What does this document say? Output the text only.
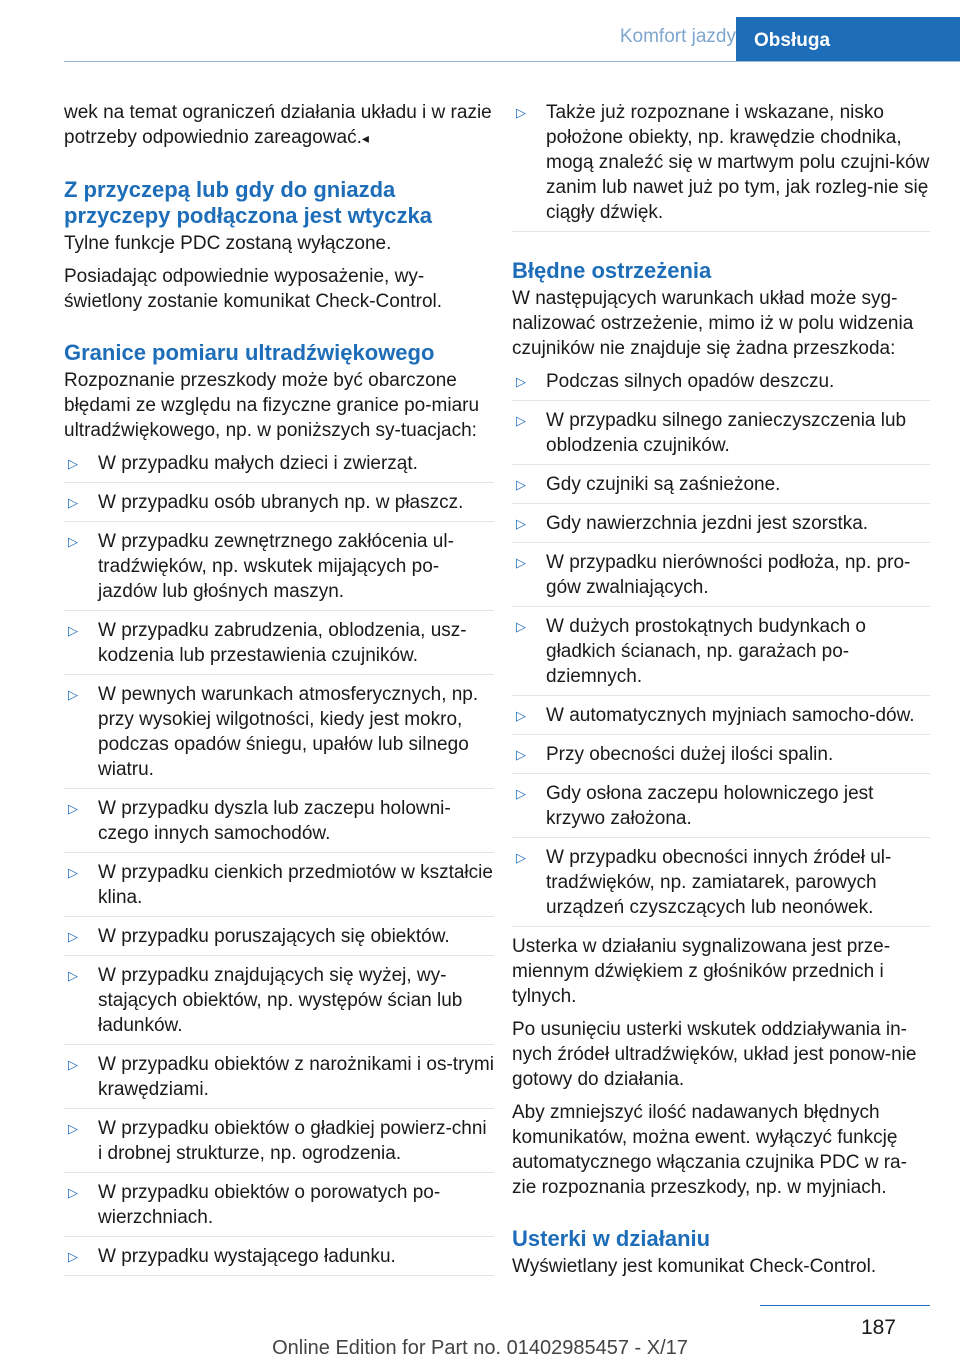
Komfort jazdy Obsługa

wek na temat ograniczeń działania układu i w razie potrzeby odpowiednio zareagować.◂

Z przyczepą lub gdy do gniazda przyczepy podłączona jest wtyczka

Tylne funkcje PDC zostaną wyłączone.

Posiadając odpowiednie wyposażenie, wy-świetlony zostanie komunikat Check-Control.

Granice pomiaru ultradźwiękowego

Rozpoznanie przeszkody może być obarczone błędami ze względu na fizyczne granice po-miaru ultradźwiękowego, np. w poniższych sy-tuacjach:

▷ W przypadku małych dzieci i zwierząt.
▷ W przypadku osób ubranych np. w płaszcz.
▷ W przypadku zewnętrznego zakłócenia ul-tradźwięków, np. wskutek mijających po-jazdów lub głośnych maszyn.
▷ W przypadku zabrudzenia, oblodzenia, usz-kodzenia lub przestawienia czujników.
▷ W pewnych warunkach atmosferycznych, np. przy wysokiej wilgotności, kiedy jest mokro, podczas opadów śniegu, upałów lub silnego wiatru.
▷ W przypadku dyszla lub zaczepu holowni-czego innych samochodów.
▷ W przypadku cienkich przedmiotów w kształcie klina.
▷ W przypadku poruszających się obiektów.
▷ W przypadku znajdujących się wyżej, wy-stających obiektów, np. występów ścian lub ładunków.
▷ W przypadku obiektów z narożnikami i os-trymi krawędziami.
▷ W przypadku obiektów o gładkiej powierz-chni i drobnej strukturze, np. ogrodzenia.
▷ W przypadku obiektów o porowatych po-wierzchniach.
▷ W przypadku wystającego ładunku.
▷ Także już rozpoznane i wskazane, nisko położone obiekty, np. krawędzie chodnika, mogą znaleźć się w martwym polu czujni-ków zanim lub nawet już po tym, jak rozleg-nie się ciągły dźwięk.
Błędne ostrzeżenia

W następujących warunkach układ może syg-nalizować ostrzeżenie, mimo iż w polu widzenia czujników nie znajduje się żadna przeszkoda:

▷ Podczas silnych opadów deszczu.
▷ W przypadku silnego zanieczyszczenia lub oblodzenia czujników.
▷ Gdy czujniki są zaśnieżone.
▷ Gdy nawierzchnia jezdni jest szorstka.
▷ W przypadku nierówności podłoża, np. pro-gów zwalniających.
▷ W dużych prostokątnych budynkach o gładkich ścianach, np. garażach po-dziemnych.
▷ W automatycznych myjniach samocho-dów.
▷ Przy obecności dużej ilości spalin.
▷ Gdy osłona zaczepu holowniczego jest krzywo założona.
▷ W przypadku obecności innych źródeł ul-tradźwięków, np. zamiatarek, parowych urządzeń czyszczących lub neonówek.

Usterka w działaniu sygnalizowana jest prze-miennym dźwiękiem z głośników przednich i tylnych.

Po usunięciu usterki wskutek oddziaływania in-nych źródeł ultradźwięków, układ jest ponow-nie gotowy do działania.

Aby zmniejszyć ilość nadawanych błędnych komunikatów, można ewent. wyłączyć funkcję automatycznego włączania czujnika PDC w ra-zie rozpoznania przeszkody, np. w myjniach.

Usterki w działaniu

Wyświetlany jest komunikat Check-Control.

187
Online Edition for Part no. 01402985457 - X/17
